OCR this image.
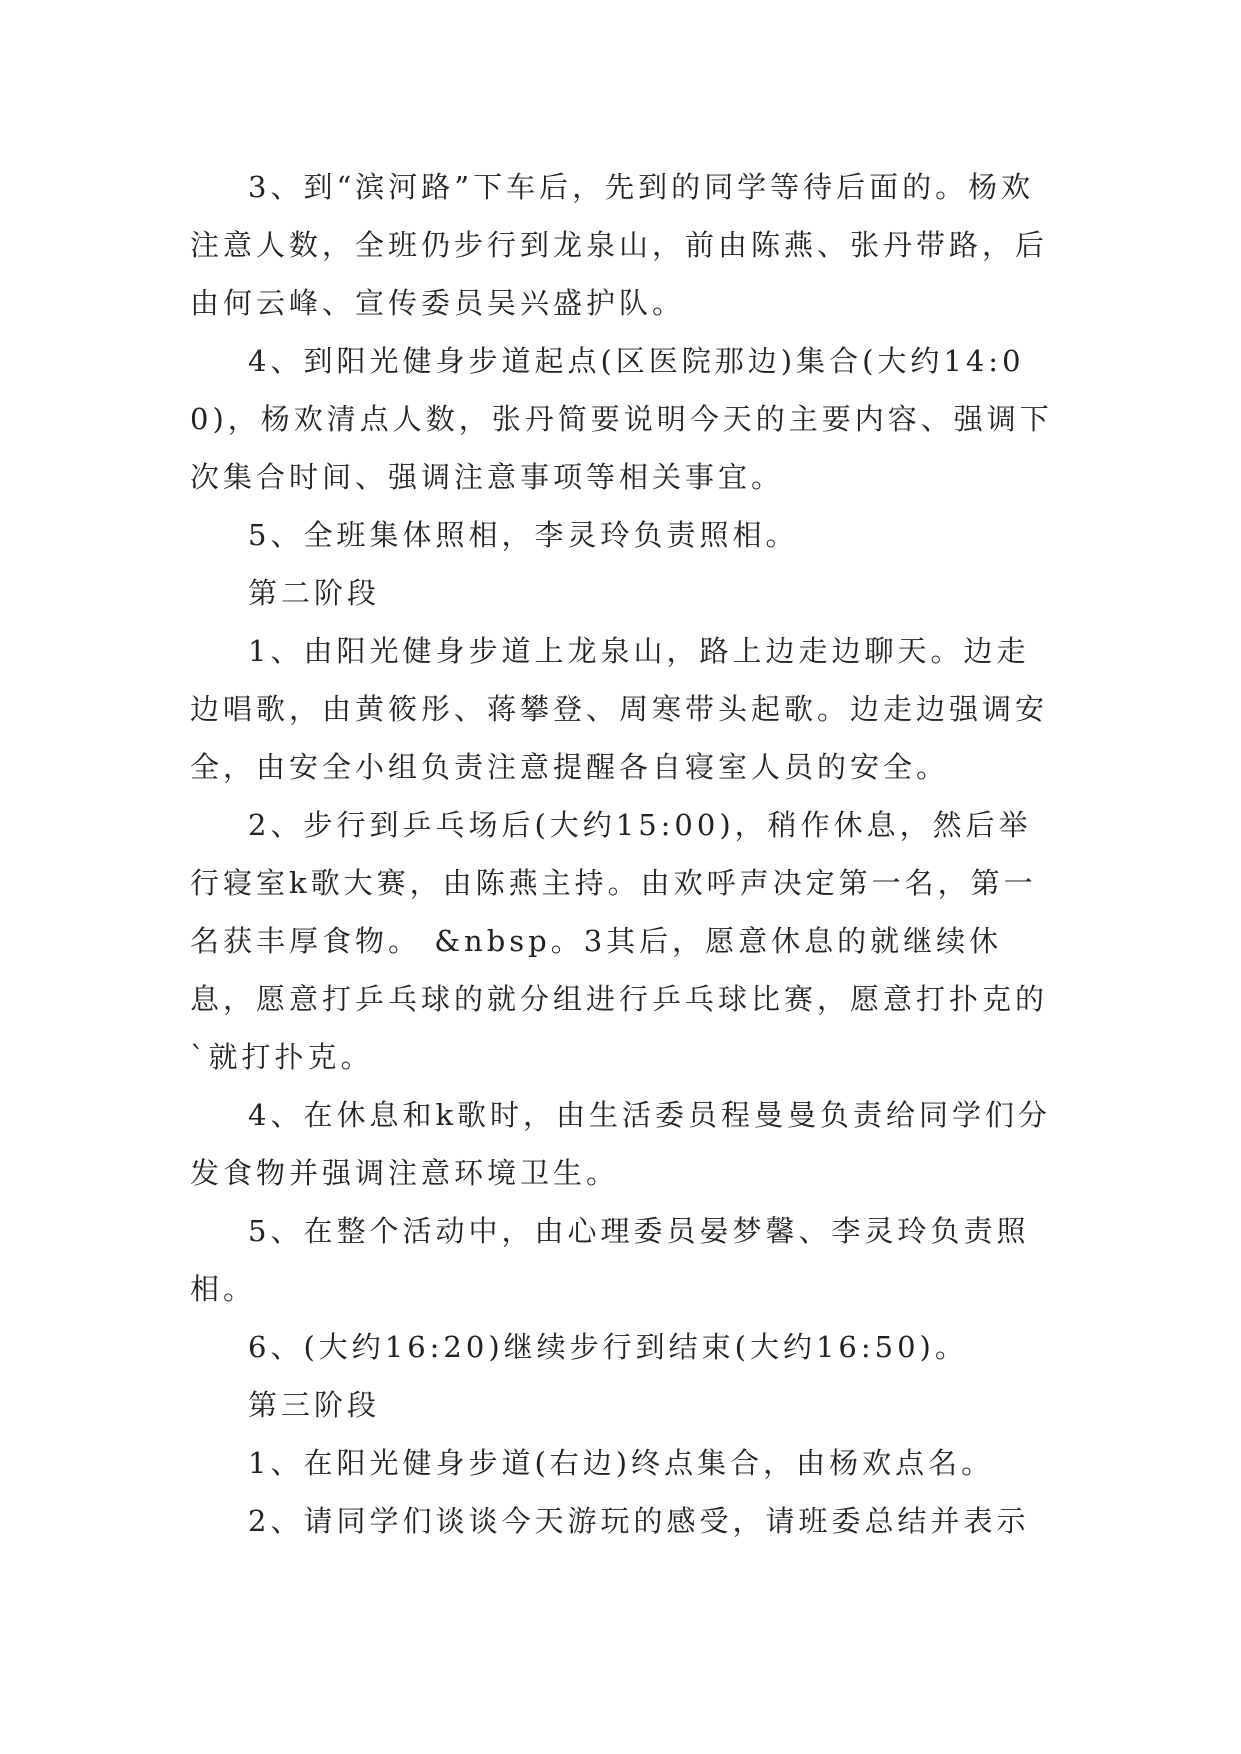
3、到“滨河路”下车后，先到的同学等待后面的。杨欢注意人数，全班仍步行到龙泉山，前由陈燕、张丹带路，后由何云峰、宣传委员吴兴盛护队。

4、到阳光健身步道起点(区医院那边)集合(大约14:00)，杨欢清点人数，张丹简要说明今天的主要内容、强调下次集合时间、强调注意事项等相关事宜。

5、全班集体照相，李灵玲负责照相。

第二阶段

1、由阳光健身步道上龙泉山，路上边走边聊天。边走边唱歌，由黄筱彤、蒋攀登、周寒带头起歌。边走边强调安全，由安全小组负责注意提醒各自寝室人员的安全。

2、步行到乒乓场后(大约15:00)，稍作休息，然后举行寝室k歌大赛，由陈燕主持。由欢呼声决定第一名，第一名获丰厚食物。 &nbsp。3其后，愿意休息的就继续休息，愿意打乒乓球的就分组进行乒乓球比赛，愿意打扑克的`就打扑克。

4、在休息和k歌时，由生活委员程曼曼负责给同学们分发食物并强调注意环境卫生。

5、在整个活动中，由心理委员晏梦馨、李灵玲负责照相。

6、(大约16:20)继续步行到结束(大约16:50)。

第三阶段

1、在阳光健身步道(右边)终点集合，由杨欢点名。

2、请同学们谈谈今天游玩的感受，请班委总结并表示
